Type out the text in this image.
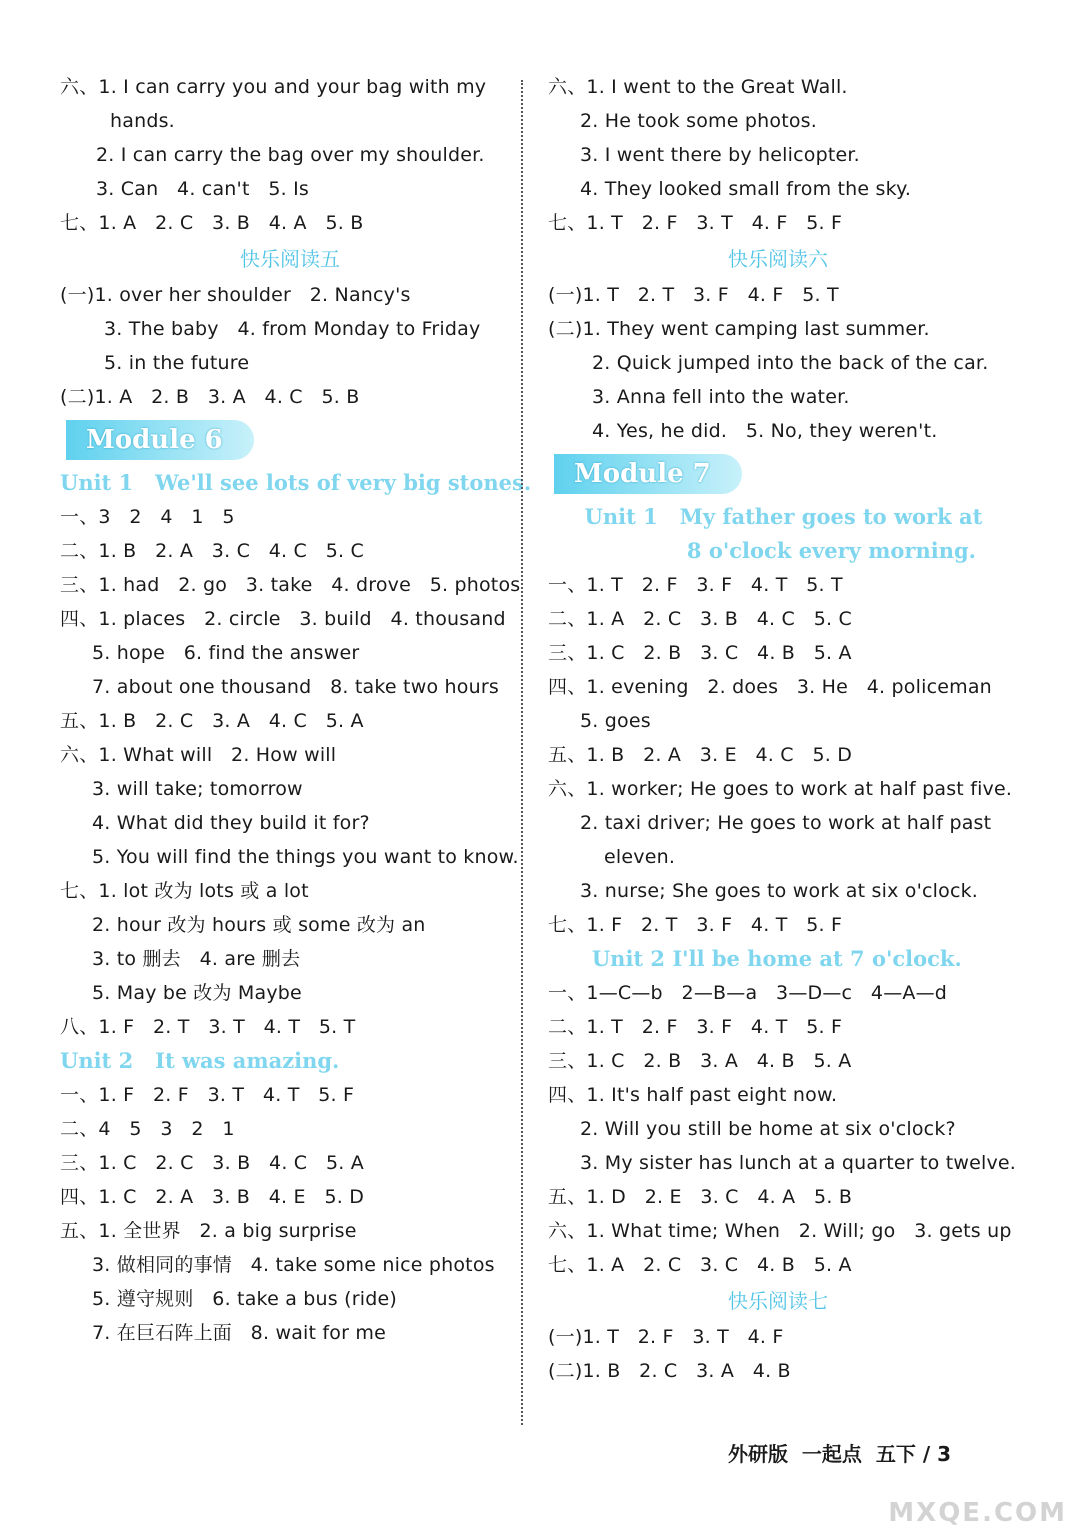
六、1. I can carry you and your bag with my
hands.
2. I can carry the bag over my shoulder.
3. Can   4. can't   5. Is
七、1. A   2. C   3. B   4. A   5. B
快乐阅读五
(一)1. over her shoulder   2. Nancy's
3. The baby   4. from Monday to Friday
5. in the future
(二)1. A   2. B   3. A   4. C   5. B
Module 6
Unit 1   We'll see lots of very big stones.
一、3   2   4   1   5
二、1. B   2. A   3. C   4. C   5. C
三、1. had   2. go   3. take   4. drove   5. photos
四、1. places   2. circle   3. build   4. thousand
5. hope   6. find the answer
7. about one thousand   8. take two hours
五、1. B   2. C   3. A   4. C   5. A
六、1. What will   2. How will
3. will take; tomorrow
4. What did they build it for?
5. You will find the things you want to know.
七、1. lot 改为 lots 或 a lot
2. hour 改为 hours 或 some 改为 an
3. to 删去   4. are 删去
5. May be 改为 Maybe
八、1. F   2. T   3. T   4. T   5. T
Unit 2   It was amazing.
一、1. F   2. F   3. T   4. T   5. F
二、4   5   3   2   1
三、1. C   2. C   3. B   4. C   5. A
四、1. C   2. A   3. B   4. E   5. D
五、1. 全世界   2. a big surprise
3. 做相同的事情   4. take some nice photos
5. 遵守规则   6. take a bus (ride)
7. 在巨石阵上面   8. wait for me
六、1. I went to the Great Wall.
2. He took some photos.
3. I went there by helicopter.
4. They looked small from the sky.
七、1. T   2. F   3. T   4. F   5. F
快乐阅读六
(一)1. T   2. T   3. F   4. F   5. T
(二)1. They went camping last summer.
2. Quick jumped into the back of the car.
3. Anna fell into the water.
4. Yes, he did.   5. No, they weren't.
Module 7
Unit 1   My father goes to work at
8 o'clock every morning.
一、1. T   2. F   3. F   4. T   5. T
二、1. A   2. C   3. B   4. C   5. C
三、1. C   2. B   3. C   4. B   5. A
四、1. evening   2. does   3. He   4. policeman
5. goes
五、1. B   2. A   3. E   4. C   5. D
六、1. worker; He goes to work at half past five.
2. taxi driver; He goes to work at half past
eleven.
3. nurse; She goes to work at six o'clock.
七、1. F   2. T   3. F   4. T   5. F
Unit 2 I'll be home at 7 o'clock.
一、1—C—b   2—B—a   3—D—c   4—A—d
二、1. T   2. F   3. F   4. T   5. F
三、1. C   2. B   3. A   4. B   5. A
四、1. It's half past eight now.
2. Will you still be home at six o'clock?
3. My sister has lunch at a quarter to twelve.
五、1. D   2. E   3. C   4. A   5. B
六、1. What time; When   2. Will; go   3. gets up
七、1. A   2. C   3. C   4. B   5. A
快乐阅读七
(一)1. T   2. F   3. T   4. F
(二)1. B   2. C   3. A   4. B
外研版  一起点  五下 / 3
MXQE.COM
